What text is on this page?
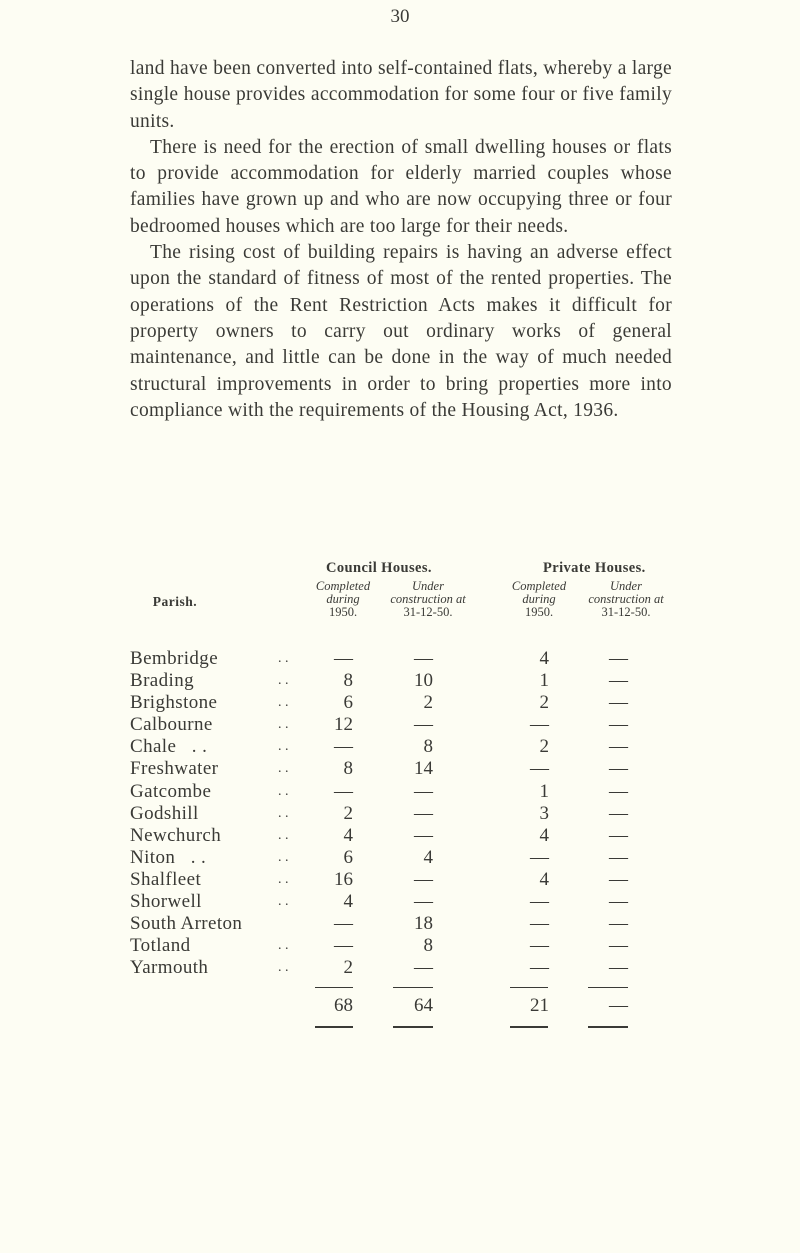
30

land have been converted into self-contained flats, whereby a large single house provides accommodation for some four or five family units.

There is need for the erection of small dwelling houses or flats to provide accommodation for elderly married couples whose families have grown up and who are now occupying three or four bedroomed houses which are too large for their needs.

The rising cost of building repairs is having an adverse effect upon the standard of fitness of most of the rented properties. The operations of the Rent Restriction Acts makes it difficult for property owners to carry out ordinary works of general maintenance, and little can be done in the way of much needed structural improvements in order to bring properties more into compliance with the requirements of the Housing Act, 1936.

Parish.
Council Houses.	Private Houses.
Completed
during
1950.
Under
construction at
31-12-50.
Completed
during
1950.
Under
construction at
31-12-50.
Bembridge	. .	—	—	4	—
Brading	. .	8	10	1	—
Brighstone	. .	6	2	2	—
Calbourne	. .	12	—	—	—
Chale   . .	. .	—	8	2	—
Freshwater	. .	8	14	—	—
Gatcombe	. .	—	—	1	—
Godshill	. .	2	—	3	—
Newchurch	. .	4	—	4	—
Niton   . .	. .	6	4	—	—
Shalfleet	. .	16	—	4	—
Shorwell	. .	4	—	—	—
South Arreton	—	18	—	—
Totland	. .	—	8	—	—
Yarmouth	. .	2	—	—	—
68	64	21	—
